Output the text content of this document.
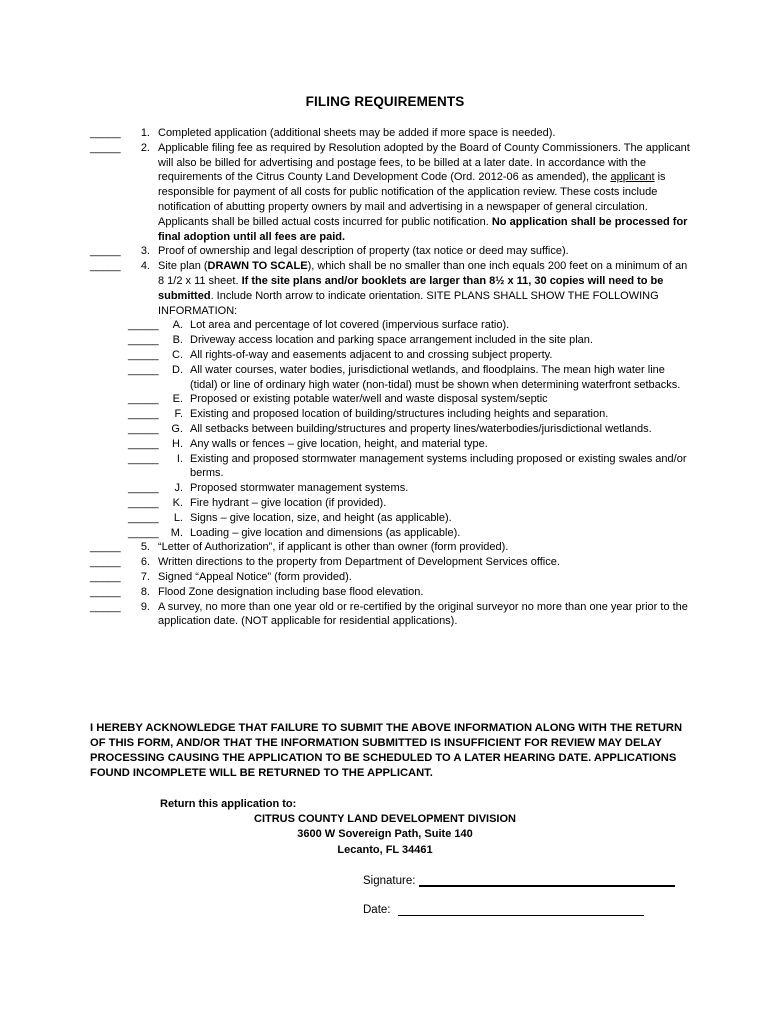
FILING REQUIREMENTS
_____	1. Completed application (additional sheets may be added if more space is needed).
_____	2. Applicable filing fee as required by Resolution adopted by the Board of County Commissioners. The applicant will also be billed for advertising and postage fees, to be billed at a later date. In accordance with the requirements of the Citrus County Land Development Code (Ord. 2012-06 as amended), the applicant is responsible for payment of all costs for public notification of the application review. These costs include notification of abutting property owners by mail and advertising in a newspaper of general circulation. Applicants shall be billed actual costs incurred for public notification. No application shall be processed for final adoption until all fees are paid.
_____	3. Proof of ownership and legal description of property (tax notice or deed may suffice).
_____	4. Site plan (DRAWN TO SCALE), which shall be no smaller than one inch equals 200 feet on a minimum of an 8 1/2 x 11 sheet. If the site plans and/or booklets are larger than 8½ x 11, 30 copies will need to be submitted. Include North arrow to indicate orientation. SITE PLANS SHALL SHOW THE FOLLOWING INFORMATION:
_____	A. Lot area and percentage of lot covered (impervious surface ratio).
_____	B. Driveway access location and parking space arrangement included in the site plan.
_____	C. All rights-of-way and easements adjacent to and crossing subject property.
_____	D. All water courses, water bodies, jurisdictional wetlands, and floodplains. The mean high water line (tidal) or line of ordinary high water (non-tidal) must be shown when determining waterfront setbacks.
_____	E. Proposed or existing potable water/well and waste disposal system/septic
_____	F. Existing and proposed location of building/structures including heights and separation.
_____	G. All setbacks between building/structures and property lines/waterbodies/jurisdictional wetlands.
_____	H. Any walls or fences – give location, height, and material type.
_____	I. Existing and proposed stormwater management systems including proposed or existing swales and/or berms.
_____	J. Proposed stormwater management systems.
_____	K. Fire hydrant – give location (if provided).
_____	L. Signs – give location, size, and height (as applicable).
_____	M. Loading – give location and dimensions (as applicable).
_____	5. “Letter of Authorization”, if applicant is other than owner (form provided).
_____	6. Written directions to the property from Department of Development Services office.
_____	7. Signed “Appeal Notice” (form provided).
_____	8. Flood Zone designation including base flood elevation.
_____	9. A survey, no more than one year old or re-certified by the original surveyor no more than one year prior to the application date. (NOT applicable for residential applications).
I HEREBY ACKNOWLEDGE THAT FAILURE TO SUBMIT THE ABOVE INFORMATION ALONG WITH THE RETURN OF THIS FORM, AND/OR THAT THE INFORMATION SUBMITTED IS INSUFFICIENT FOR REVIEW MAY DELAY PROCESSING CAUSING THE APPLICATION TO BE SCHEDULED TO A LATER HEARING DATE. APPLICATIONS FOUND INCOMPLETE WILL BE RETURNED TO THE APPLICANT.
Return this application to:
CITRUS COUNTY LAND DEVELOPMENT DIVISION
3600 W Sovereign Path, Suite 140
Lecanto, FL 34461
Signature:
Date:
